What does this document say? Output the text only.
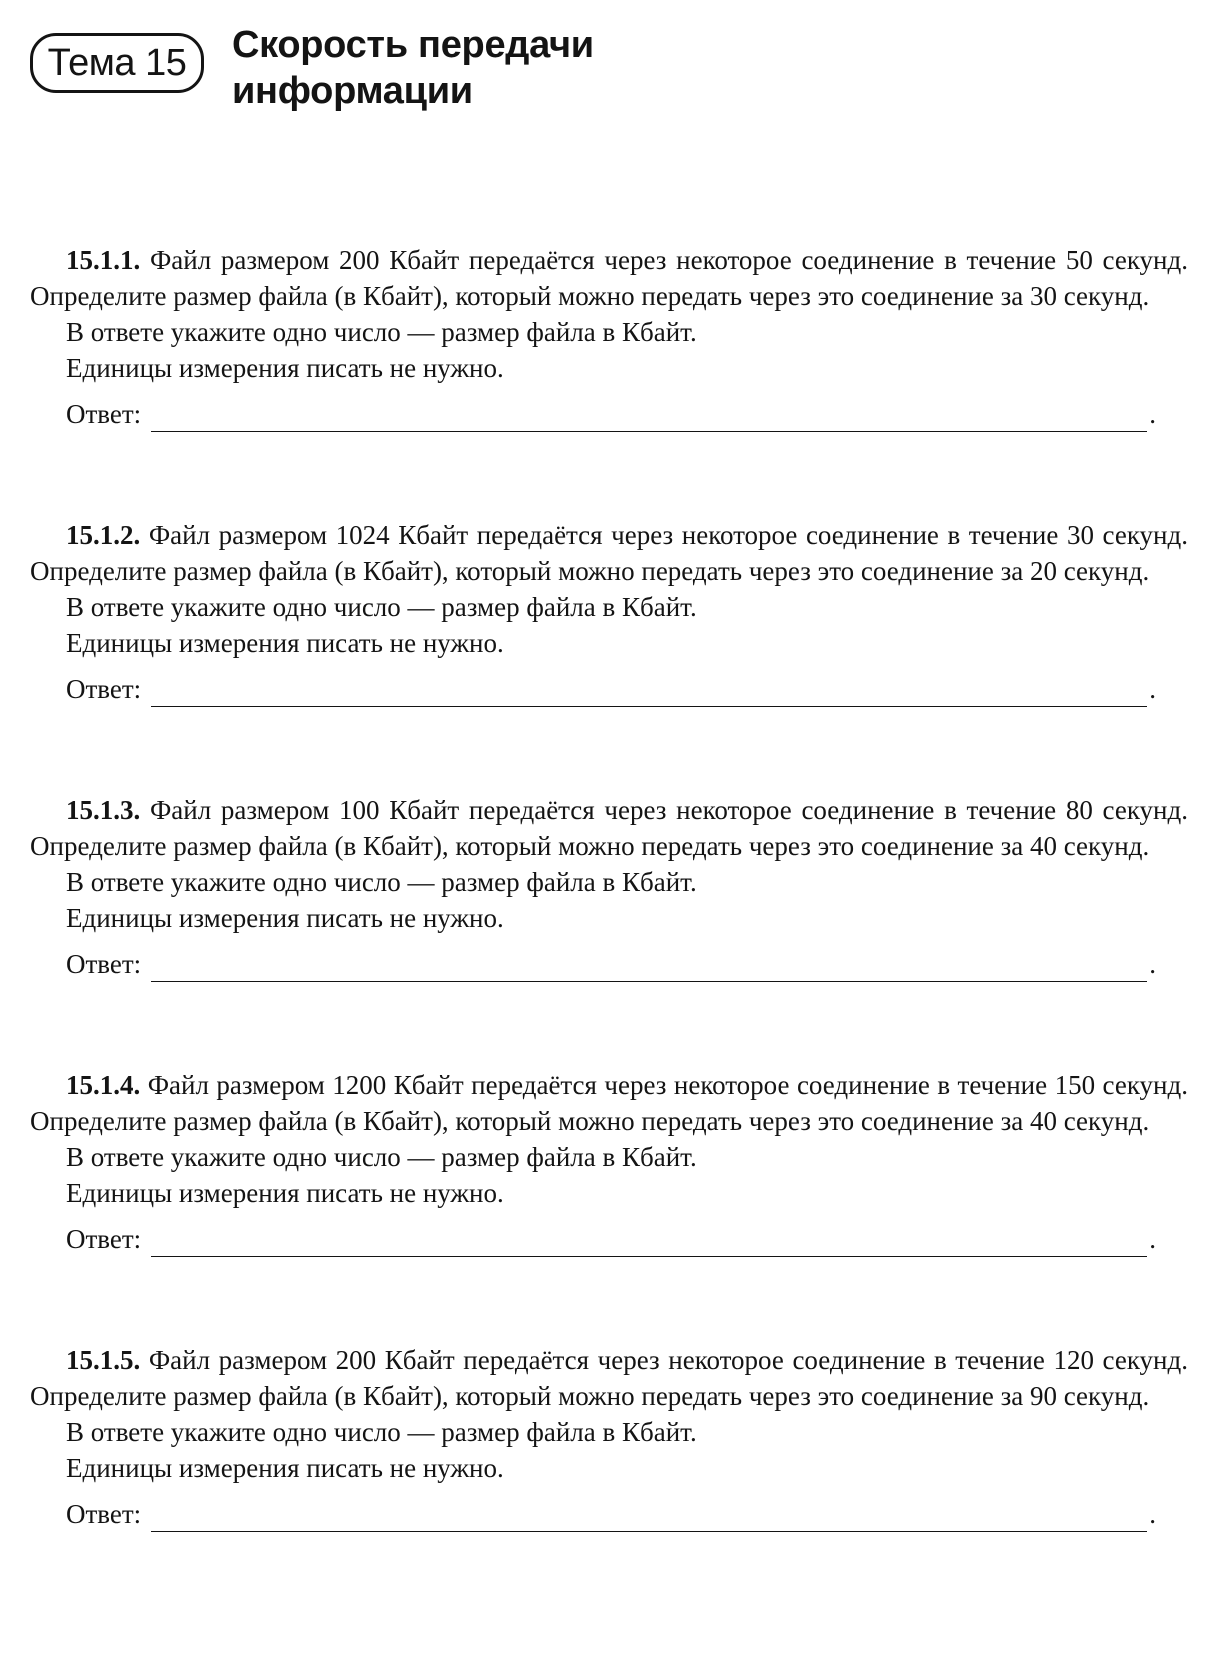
Тема 15	Скорость передачи
информации

15.1.1. Файл размером 200 Кбайт передаётся через некоторое соединение в течение 50 секунд. Определите размер файла (в Кбайт), который можно передать через это соединение за 30 секунд.

В ответе укажите одно число — размер файла в Кбайт.

Единицы измерения писать не нужно.

Ответ:	.

15.1.2. Файл размером 1024 Кбайт передаётся через некоторое соединение в течение 30 секунд. Определите размер файла (в Кбайт), который можно передать через это соединение за 20 секунд.

В ответе укажите одно число — размер файла в Кбайт.

Единицы измерения писать не нужно.

Ответ:	.

15.1.3. Файл размером 100 Кбайт передаётся через некоторое соединение в течение 80 секунд. Определите размер файла (в Кбайт), который можно передать через это соединение за 40 секунд.

В ответе укажите одно число — размер файла в Кбайт.

Единицы измерения писать не нужно.

Ответ:	.

15.1.4. Файл размером 1200 Кбайт передаётся через некоторое соединение в течение 150 секунд. Определите размер файла (в Кбайт), который можно передать через это соединение за 40 секунд.

В ответе укажите одно число — размер файла в Кбайт.

Единицы измерения писать не нужно.

Ответ:	.

15.1.5. Файл размером 200 Кбайт передаётся через некоторое соединение в течение 120 секунд. Определите размер файла (в Кбайт), который можно передать через это соединение за 90 секунд.

В ответе укажите одно число — размер файла в Кбайт.

Единицы измерения писать не нужно.

Ответ:	.
